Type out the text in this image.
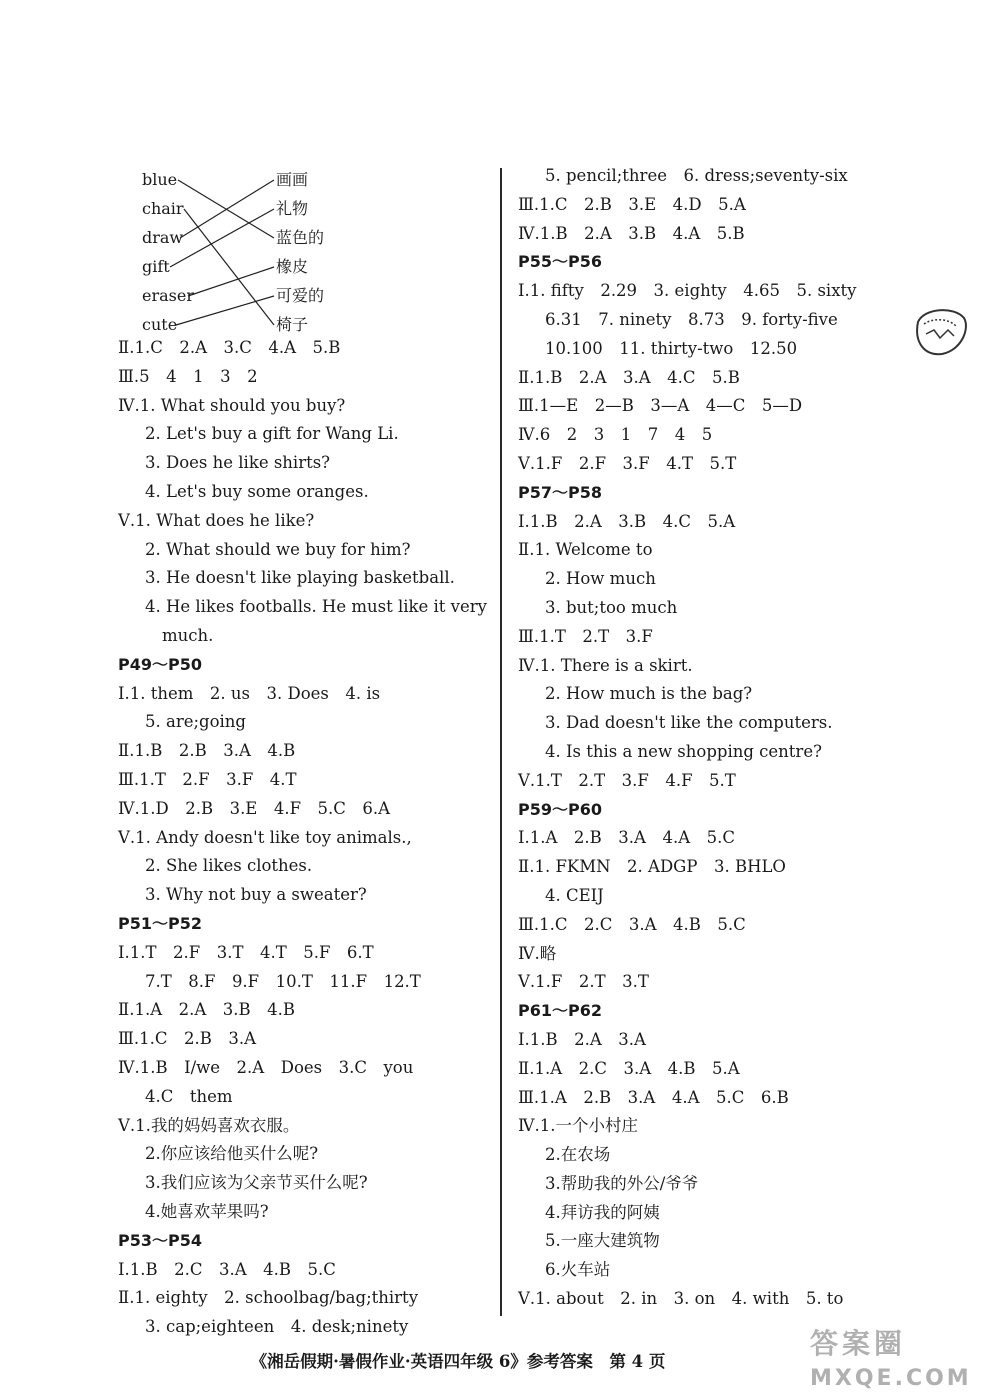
blue
chair
draw
gift
eraser
cute
画画
礼物
蓝色的
橡皮
可爱的
椅子
Ⅱ.1.C　2.A　3.C　4.A　5.B
Ⅲ.5　4　1　3　2
Ⅳ.1. What should you buy?
2. Let's buy a gift for Wang Li.
3. Does he like shirts?
4. Let's buy some oranges.
Ⅴ.1. What does he like?
2. What should we buy for him?
3. He doesn't like playing basketball.
4. He likes footballs. He must like it very
much.
P49～P50
Ⅰ.1. them　2. us　3. Does　4. is
5. are;going
Ⅱ.1.B　2.B　3.A　4.B
Ⅲ.1.T　2.F　3.F　4.T
Ⅳ.1.D　2.B　3.E　4.F　5.C　6.A
Ⅴ.1. Andy doesn't like toy animals.,
2. She likes clothes.
3. Why not buy a sweater?
P51～P52
Ⅰ.1.T　2.F　3.T　4.T　5.F　6.T
7.T　8.F　9.F　10.T　11.F　12.T
Ⅱ.1.A　2.A　3.B　4.B
Ⅲ.1.C　2.B　3.A
Ⅳ.1.B　I/we　2.A　Does　3.C　you
4.C　them
Ⅴ.1.我的妈妈喜欢衣服。
2.你应该给他买什么呢?
3.我们应该为父亲节买什么呢?
4.她喜欢苹果吗?
P53～P54
Ⅰ.1.B　2.C　3.A　4.B　5.C
Ⅱ.1. eighty　2. schoolbag/bag;thirty
3. cap;eighteen　4. desk;ninety
5. pencil;three　6. dress;seventy-six
Ⅲ.1.C　2.B　3.E　4.D　5.A
Ⅳ.1.B　2.A　3.B　4.A　5.B
P55～P56
Ⅰ.1. fifty　2.29　3. eighty　4.65　5. sixty
6.31　7. ninety　8.73　9. forty-five
10.100　11. thirty-two　12.50
Ⅱ.1.B　2.A　3.A　4.C　5.B
Ⅲ.1—E　2—B　3—A　4—C　5—D
Ⅳ.6　2　3　1　7　4　5
Ⅴ.1.F　2.F　3.F　4.T　5.T
P57～P58
Ⅰ.1.B　2.A　3.B　4.C　5.A
Ⅱ.1. Welcome to
2. How much
3. but;too much
Ⅲ.1.T　2.T　3.F
Ⅳ.1. There is a skirt.
2. How much is the bag?
3. Dad doesn't like the computers.
4. Is this a new shopping centre?
Ⅴ.1.T　2.T　3.F　4.F　5.T
P59～P60
Ⅰ.1.A　2.B　3.A　4.A　5.C
Ⅱ.1. FKMN　2. ADGP　3. BHLO
4. CEIJ
Ⅲ.1.C　2.C　3.A　4.B　5.C
Ⅳ.略
Ⅴ.1.F　2.T　3.T
P61～P62
Ⅰ.1.B　2.A　3.A
Ⅱ.1.A　2.C　3.A　4.B　5.A
Ⅲ.1.A　2.B　3.A　4.A　5.C　6.B
Ⅳ.1.一个小村庄
2.在农场
3.帮助我的外公/爷爷
4.拜访我的阿姨
5.一座大建筑物
6.火车站
Ⅴ.1. about　2. in　3. on　4. with　5. to
《湘岳假期·暑假作业·英语四年级 6》参考答案　第 4 页
答案圈
MXQE.COM
